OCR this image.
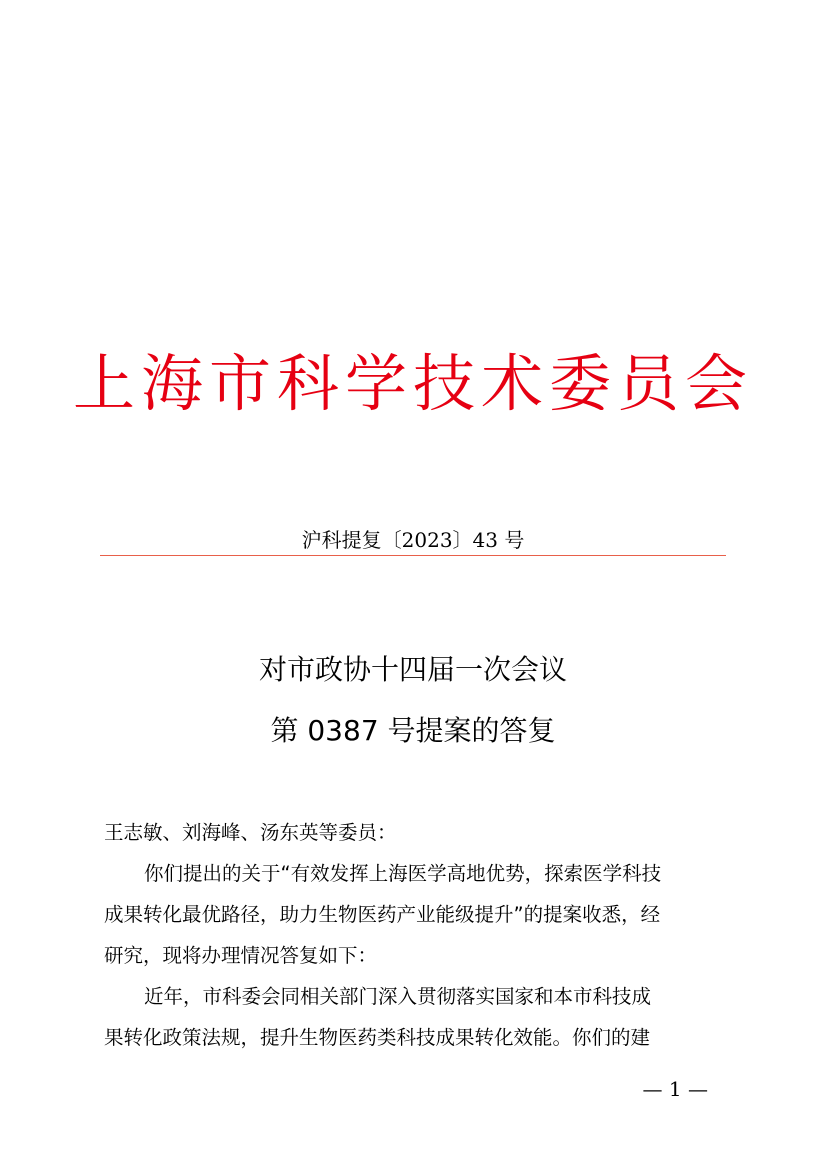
上海市科学技术委员会
沪科提复〔2023〕43 号
对市政协十四届一次会议
第 0387 号提案的答复
王志敏、刘海峰、汤东英等委员：
你们提出的关于“有效发挥上海医学高地优势，探索医学科技
成果转化最优路径，助力生物医药产业能级提升”的提案收悉，经
研究，现将办理情况答复如下：
近年，市科委会同相关部门深入贯彻落实国家和本市科技成
果转化政策法规，提升生物医药类科技成果转化效能。你们的建
— 1 —
